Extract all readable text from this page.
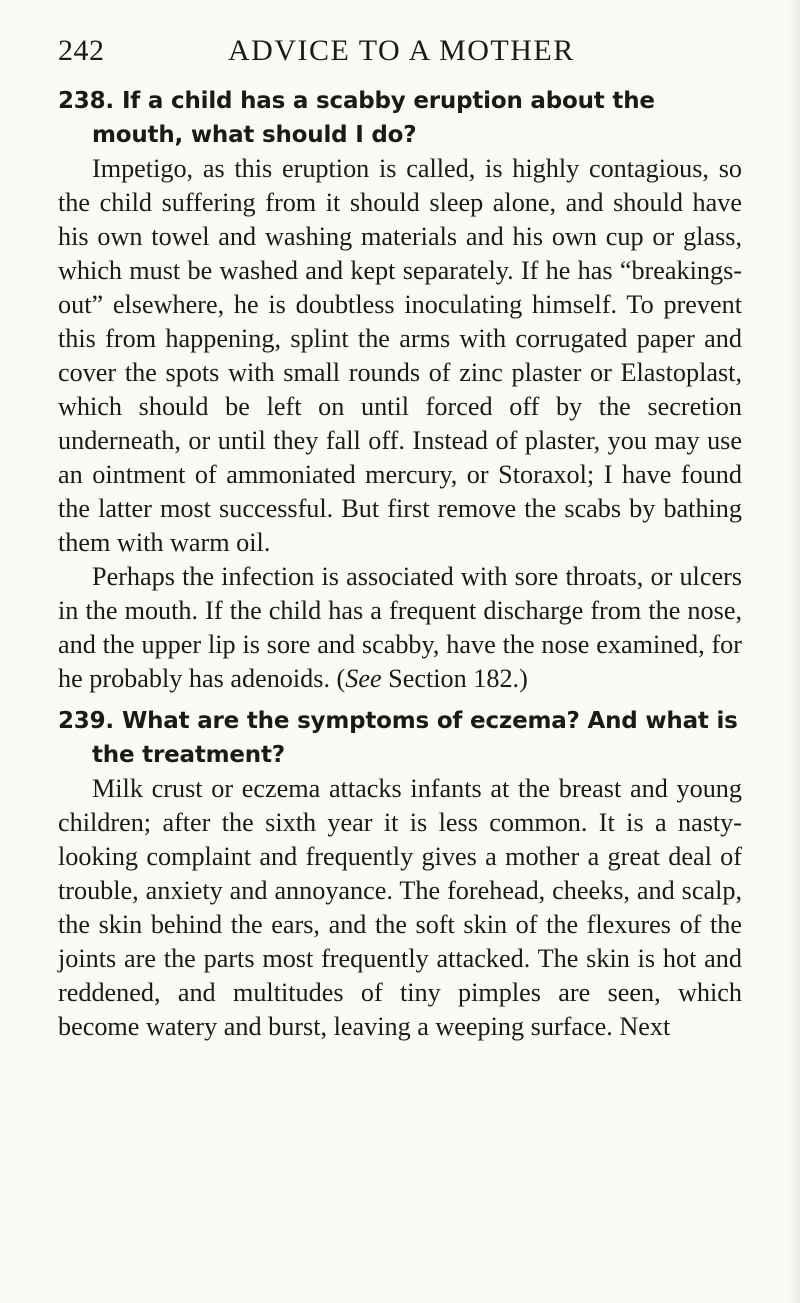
242	ADVICE TO A MOTHER

238. If a child has a scabby eruption about the mouth, what should I do?

Impetigo, as this eruption is called, is highly contagious, so the child suffering from it should sleep alone, and should have his own towel and washing materials and his own cup or glass, which must be washed and kept separately. If he has “breakings-out” elsewhere, he is doubtless inoculating himself. To prevent this from happening, splint the arms with corrugated paper and cover the spots with small rounds of zinc plaster or Elastoplast, which should be left on until forced off by the secretion underneath, or until they fall off. Instead of plaster, you may use an ointment of ammoniated mercury, or Storaxol; I have found the latter most successful. But first remove the scabs by bathing them with warm oil.

Perhaps the infection is associated with sore throats, or ulcers in the mouth. If the child has a frequent discharge from the nose, and the upper lip is sore and scabby, have the nose examined, for he probably has adenoids. (See Section 182.)

239. What are the symptoms of eczema? And what is the treatment?

Milk crust or eczema attacks infants at the breast and young children; after the sixth year it is less common. It is a nasty-looking complaint and frequently gives a mother a great deal of trouble, anxiety and annoyance. The forehead, cheeks, and scalp, the skin behind the ears, and the soft skin of the flexures of the joints are the parts most frequently attacked. The skin is hot and reddened, and multitudes of tiny pimples are seen, which become watery and burst, leaving a weeping surface. Next
